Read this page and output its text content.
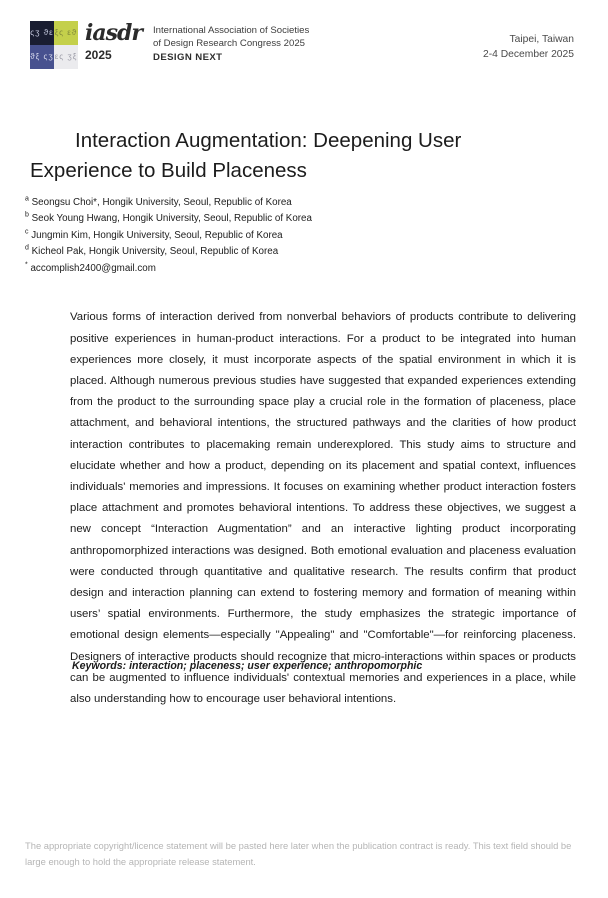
ςʒ ϑε ξς εϑ
ϑξ ςʒ ες ʒξ
iasdr
2025
International Association of Societies
of Design Research Congress 2025
DESIGN NEXT
Taipei, Taiwan
2-4 December 2025
Interaction Augmentation: Deepening User Experience to Build Placeness
$^a$ Seongsu Choi*, Hongik University, Seoul, Republic of Korea
$^b$ Seok Young Hwang, Hongik University, Seoul, Republic of Korea
$^c$ Jungmin Kim, Hongik University, Seoul, Republic of Korea
$^d$ Kicheol Pak, Hongik University, Seoul, Republic of Korea
* accomplish2400@gmail.com

Various forms of interaction derived from nonverbal behaviors of products contribute to delivering positive experiences in human-product interactions. For a product to be integrated into human experiences more closely, it must incorporate aspects of the spatial environment in which it is placed. Although numerous previous studies have suggested that expanded experiences extending from the product to the surrounding space play a crucial role in the formation of placeness, place attachment, and behavioral intentions, the structured pathways and the clarities of how product interaction contributes to placemaking remain underexplored. This study aims to structure and elucidate whether and how a product, depending on its placement and spatial context, influences individuals' memories and impressions. It focuses on examining whether product interaction fosters place attachment and promotes behavioral intentions. To address these objectives, we suggest a new concept “Interaction Augmentation” and an interactive lighting product incorporating anthropomorphized interactions was designed. Both emotional evaluation and placeness evaluation were conducted through quantitative and qualitative research. The results confirm that product design and interaction planning can extend to fostering memory and formation of meaning within users’ spatial environments. Furthermore, the study emphasizes the strategic importance of emotional design elements—especially "Appealing" and "Comfortable"—for reinforcing placeness. Designers of interactive products should recognize that micro-interactions within spaces or products can be augmented to influence individuals' contextual memories and experiences in a place, while also understanding how to encourage user behavioral intentions.

Keywords: interaction; placeness; user experience; anthropomorphic
The appropriate copyright/licence statement will be pasted here later when the publication contract is ready. This text field should be large enough to hold the appropriate release statement.
